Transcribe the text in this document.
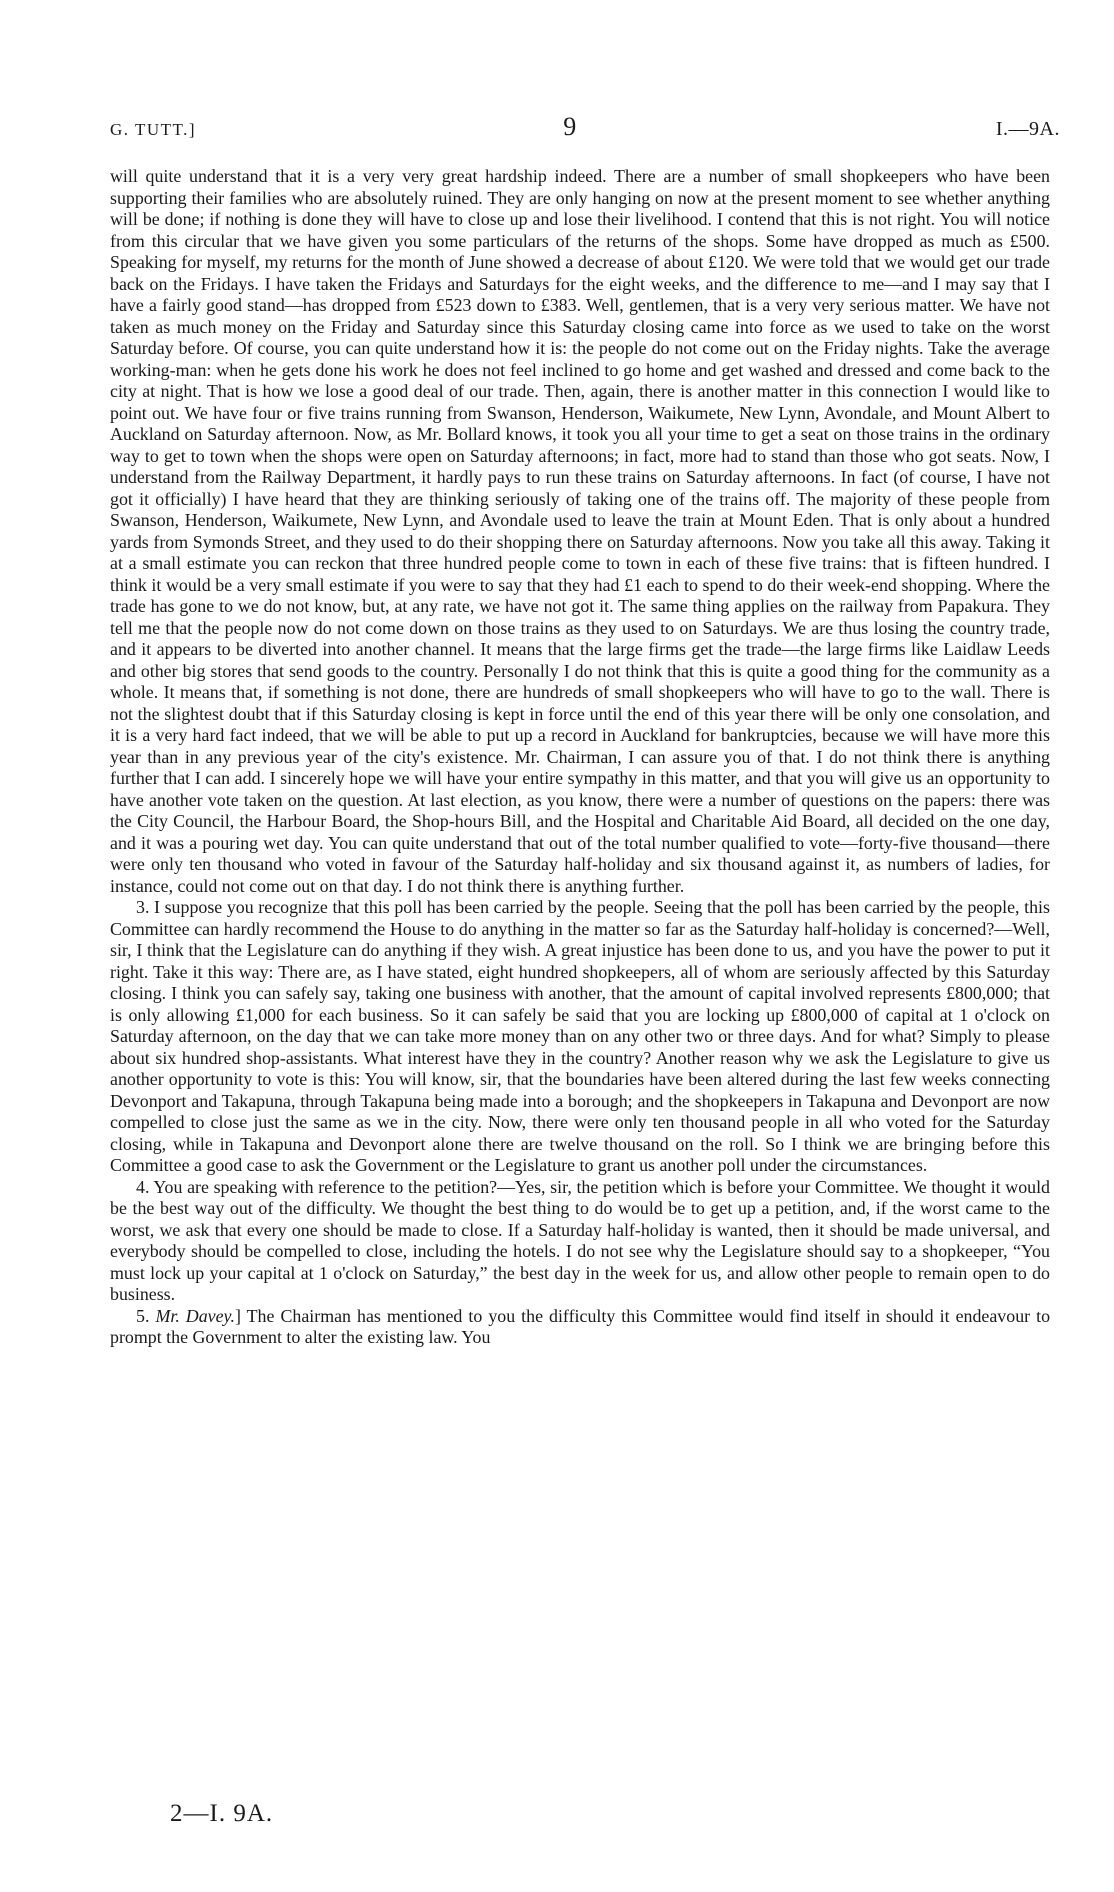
G. TUTT.]	9	I.—9A.

will quite understand that it is a very very great hardship indeed. There are a number of small shopkeepers who have been supporting their families who are absolutely ruined. They are only hanging on now at the present moment to see whether anything will be done; if nothing is done they will have to close up and lose their livelihood. I contend that this is not right. You will notice from this circular that we have given you some particulars of the returns of the shops. Some have dropped as much as £500. Speaking for myself, my returns for the month of June showed a decrease of about £120. We were told that we would get our trade back on the Fridays. I have taken the Fridays and Saturdays for the eight weeks, and the difference to me—and I may say that I have a fairly good stand—has dropped from £523 down to £383. Well, gentlemen, that is a very very serious matter. We have not taken as much money on the Friday and Saturday since this Saturday closing came into force as we used to take on the worst Saturday before. Of course, you can quite understand how it is: the people do not come out on the Friday nights. Take the average working-man: when he gets done his work he does not feel inclined to go home and get washed and dressed and come back to the city at night. That is how we lose a good deal of our trade. Then, again, there is another matter in this connection I would like to point out. We have four or five trains running from Swanson, Henderson, Waikumete, New Lynn, Avondale, and Mount Albert to Auckland on Saturday afternoon. Now, as Mr. Bollard knows, it took you all your time to get a seat on those trains in the ordinary way to get to town when the shops were open on Saturday afternoons; in fact, more had to stand than those who got seats. Now, I understand from the Railway Department, it hardly pays to run these trains on Saturday afternoons. In fact (of course, I have not got it officially) I have heard that they are thinking seriously of taking one of the trains off. The majority of these people from Swanson, Henderson, Waikumete, New Lynn, and Avondale used to leave the train at Mount Eden. That is only about a hundred yards from Symonds Street, and they used to do their shopping there on Saturday afternoons. Now you take all this away. Taking it at a small estimate you can reckon that three hundred people come to town in each of these five trains: that is fifteen hundred. I think it would be a very small estimate if you were to say that they had £1 each to spend to do their week-end shopping. Where the trade has gone to we do not know, but, at any rate, we have not got it. The same thing applies on the railway from Papakura. They tell me that the people now do not come down on those trains as they used to on Saturdays. We are thus losing the country trade, and it appears to be diverted into another channel. It means that the large firms get the trade—the large firms like Laidlaw Leeds and other big stores that send goods to the country. Personally I do not think that this is quite a good thing for the community as a whole. It means that, if something is not done, there are hundreds of small shopkeepers who will have to go to the wall. There is not the slightest doubt that if this Saturday closing is kept in force until the end of this year there will be only one consolation, and it is a very hard fact indeed, that we will be able to put up a record in Auckland for bankruptcies, because we will have more this year than in any previous year of the city's existence. Mr. Chairman, I can assure you of that. I do not think there is anything further that I can add. I sincerely hope we will have your entire sympathy in this matter, and that you will give us an opportunity to have another vote taken on the question. At last election, as you know, there were a number of questions on the papers: there was the City Council, the Harbour Board, the Shop-hours Bill, and the Hospital and Charitable Aid Board, all decided on the one day, and it was a pouring wet day. You can quite understand that out of the total number qualified to vote—forty-five thousand—there were only ten thousand who voted in favour of the Saturday half-holiday and six thousand against it, as numbers of ladies, for instance, could not come out on that day. I do not think there is anything further.

3. I suppose you recognize that this poll has been carried by the people. Seeing that the poll has been carried by the people, this Committee can hardly recommend the House to do anything in the matter so far as the Saturday half-holiday is concerned?—Well, sir, I think that the Legislature can do anything if they wish. A great injustice has been done to us, and you have the power to put it right. Take it this way: There are, as I have stated, eight hundred shopkeepers, all of whom are seriously affected by this Saturday closing. I think you can safely say, taking one business with another, that the amount of capital involved represents £800,000; that is only allowing £1,000 for each business. So it can safely be said that you are locking up £800,000 of capital at 1 o'clock on Saturday afternoon, on the day that we can take more money than on any other two or three days. And for what? Simply to please about six hundred shop-assistants. What interest have they in the country? Another reason why we ask the Legislature to give us another opportunity to vote is this: You will know, sir, that the boundaries have been altered during the last few weeks connecting Devonport and Takapuna, through Takapuna being made into a borough; and the shopkeepers in Takapuna and Devonport are now compelled to close just the same as we in the city. Now, there were only ten thousand people in all who voted for the Saturday closing, while in Takapuna and Devonport alone there are twelve thousand on the roll. So I think we are bringing before this Committee a good case to ask the Government or the Legislature to grant us another poll under the circumstances.

4. You are speaking with reference to the petition?—Yes, sir, the petition which is before your Committee. We thought it would be the best way out of the difficulty. We thought the best thing to do would be to get up a petition, and, if the worst came to the worst, we ask that every one should be made to close. If a Saturday half-holiday is wanted, then it should be made universal, and everybody should be compelled to close, including the hotels. I do not see why the Legislature should say to a shopkeeper, “You must lock up your capital at 1 o'clock on Saturday,” the best day in the week for us, and allow other people to remain open to do business.

5. Mr. Davey.] The Chairman has mentioned to you the difficulty this Committee would find itself in should it endeavour to prompt the Government to alter the existing law. You

2—I. 9A.
